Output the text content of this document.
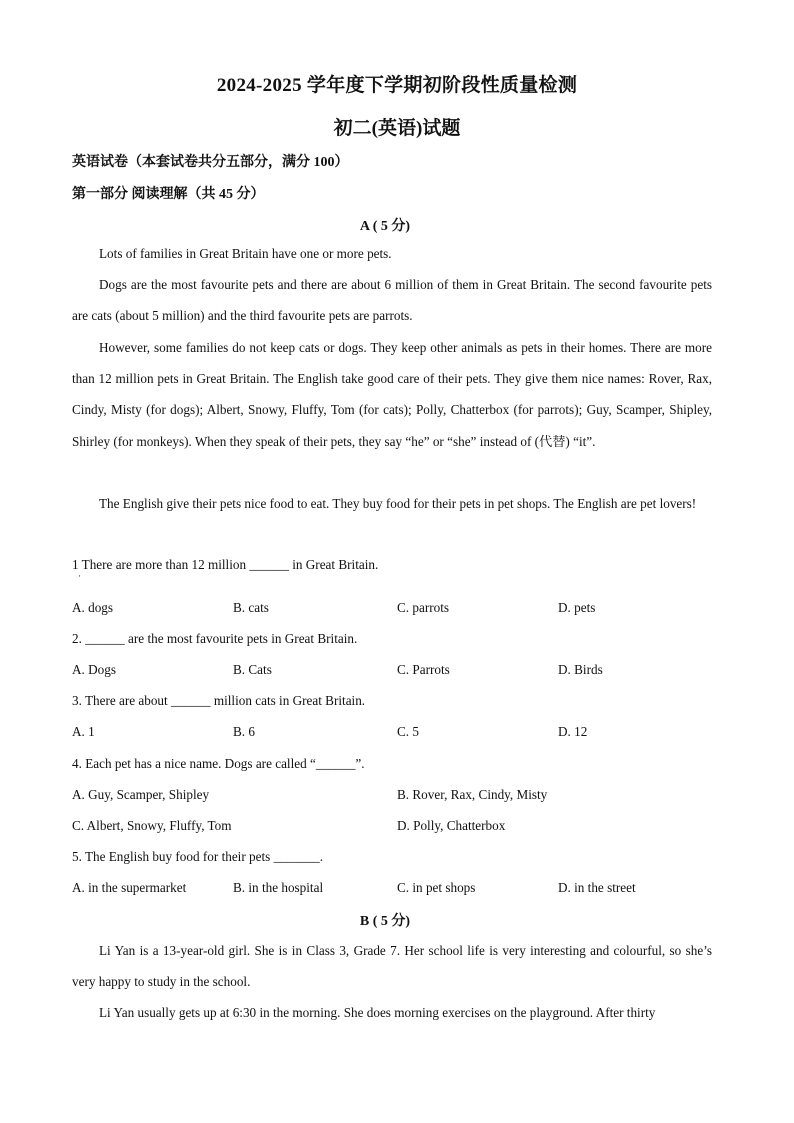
2024-2025 学年度下学期初阶段性质量检测
初二(英语)试题
英语试卷（本套试卷共分五部分，满分 100）
第一部分 阅读理解（共 45 分）
A ( 5 分)

Lots of families in Great Britain have one or more pets.

Dogs are the most favourite pets and there are about 6 million of them in Great Britain. The second favourite pets are cats (about 5 million) and the third favourite pets are parrots.

However, some families do not keep cats or dogs. They keep other animals as pets in their homes. There are more than 12 million pets in Great Britain. The English take good care of their pets. They give them nice names: Rover, Rax, Cindy, Misty (for dogs); Albert, Snowy, Fluffy, Tom (for cats); Polly, Chatterbox (for parrots); Guy, Scamper, Shipley, Shirley (for monkeys). When they speak of their pets, they say “he” or “she” instead of (代替) “it”.

The English give their pets nice food to eat. They buy food for their pets in pet shops. The English are pet lovers!

1 There are more than 12 million ______ in Great Britain.

·
A. dogs	B. cats	C. parrots	D. pets

2. ______ are the most favourite pets in Great Britain.

A. Dogs	B. Cats	C. Parrots	D. Birds

3. There are about ______ million cats in Great Britain.

A. 1	B. 6	C. 5	D. 12

4. Each pet has a nice name. Dogs are called “______”.

A. Guy, Scamper, Shipley	B. Rover, Rax, Cindy, Misty
C. Albert, Snowy, Fluffy, Tom	D. Polly, Chatterbox

5. The English buy food for their pets _______.

A. in the supermarket	B. in the hospital	C. in pet shops	D. in the street
B ( 5 分)

Li Yan is a 13-year-old girl. She is in Class 3, Grade 7. Her school life is very interesting and colourful, so she’s very happy to study in the school.

Li Yan usually gets up at 6:30 in the morning. She does morning exercises on the playground. After thirty
